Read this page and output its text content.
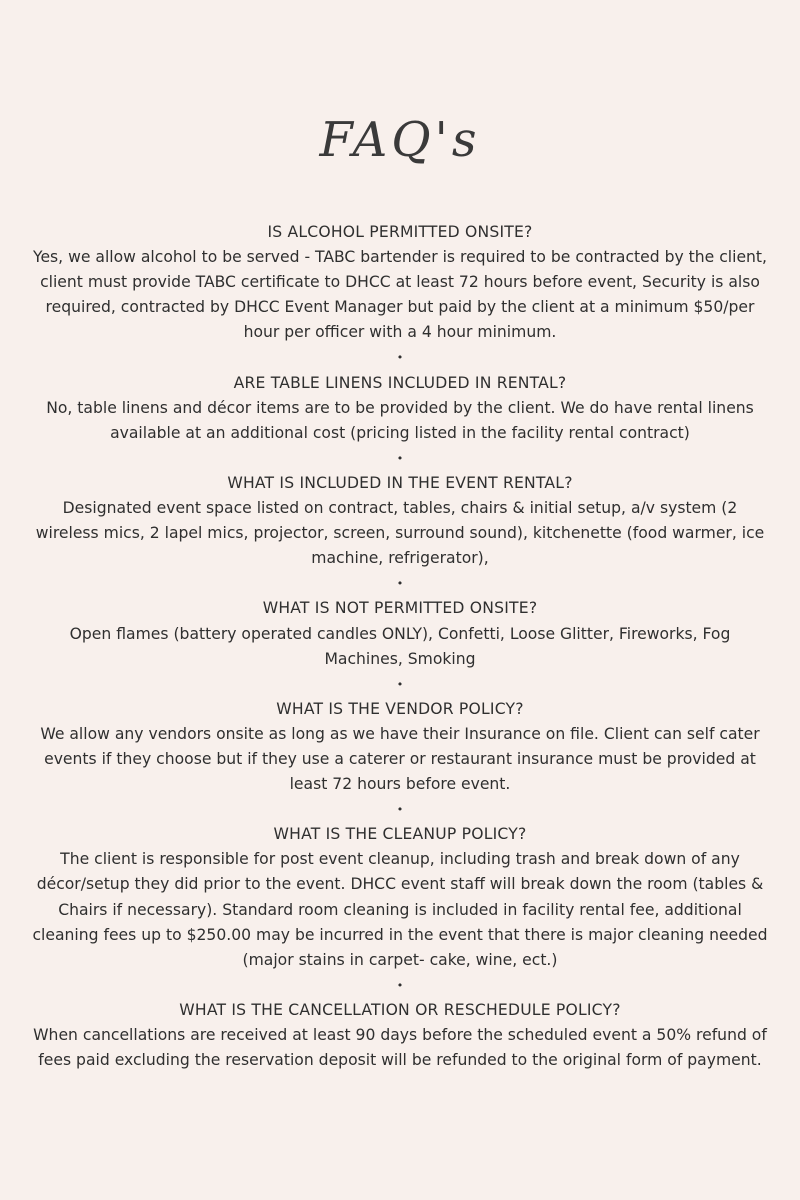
FAQ's

IS ALCOHOL PERMITTED ONSITE?

Yes, we allow alcohol to be served - TABC bartender is required to be contracted by the client, client must provide TABC certificate to DHCC at least 72 hours before event, Security is also required, contracted by DHCC Event Manager but paid by the client at a minimum $50/per hour per officer with a 4 hour minimum.

•

ARE TABLE LINENS INCLUDED IN RENTAL?

No, table linens and décor items are to be provided by the client. We do have rental linens available at an additional cost (pricing listed in the facility rental contract)

•

WHAT IS INCLUDED IN THE EVENT RENTAL?

Designated event space listed on contract, tables, chairs & initial setup, a/v system (2 wireless mics, 2 lapel mics, projector, screen, surround sound), kitchenette (food warmer, ice machine, refrigerator),

•

WHAT IS NOT PERMITTED ONSITE?

Open flames (battery operated candles ONLY), Confetti, Loose Glitter, Fireworks, Fog Machines, Smoking

•

WHAT IS THE VENDOR POLICY?

We allow any vendors onsite as long as we have their Insurance on file. Client can self cater events if they choose but if they use a caterer or restaurant insurance must be provided at least 72 hours before event.

•

WHAT IS THE CLEANUP POLICY?

The client is responsible for post event cleanup, including trash and break down of any décor/setup they did prior to the event. DHCC event staff will break down the room (tables & Chairs if necessary). Standard room cleaning is included in facility rental fee, additional cleaning fees up to $250.00 may be incurred in the event that there is major cleaning needed (major stains in carpet- cake, wine, ect.)

•

WHAT IS THE CANCELLATION OR RESCHEDULE POLICY?

When cancellations are received at least 90 days before the scheduled event a 50% refund of fees paid excluding the reservation deposit will be refunded to the original form of payment.
